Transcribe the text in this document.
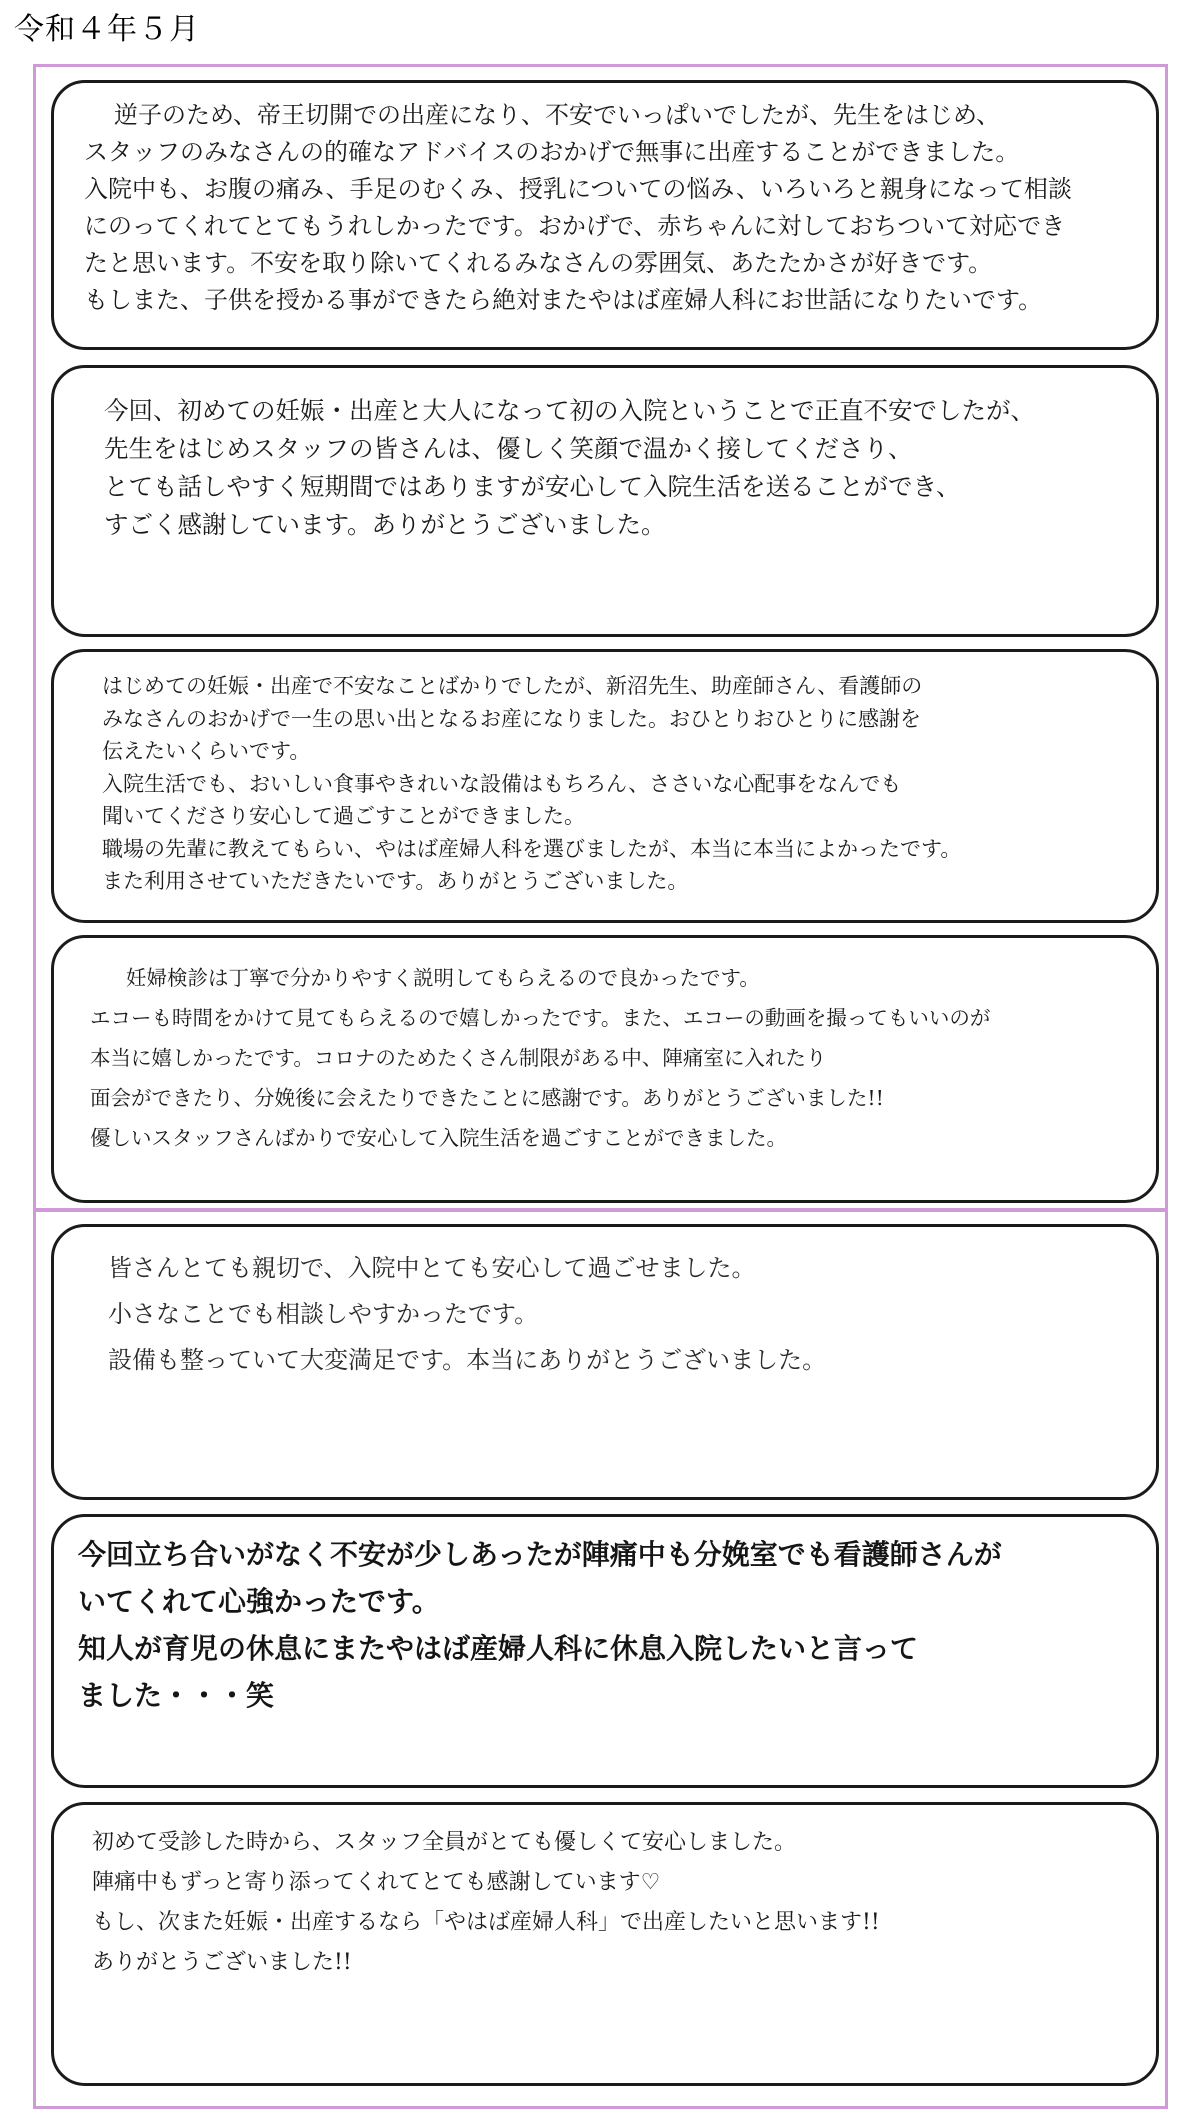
令和４年５月
逆子のため、帝王切開での出産になり、不安でいっぱいでしたが、先生をはじめ、
スタッフのみなさんの的確なアドバイスのおかげで無事に出産することができました。
入院中も、お腹の痛み、手足のむくみ、授乳についての悩み、いろいろと親身になって相談
にのってくれてとてもうれしかったです。おかげで、赤ちゃんに対しておちついて対応でき
たと思います。不安を取り除いてくれるみなさんの雰囲気、あたたかさが好きです。
もしまた、子供を授かる事ができたら絶対またやはば産婦人科にお世話になりたいです。
今回、初めての妊娠・出産と大人になって初の入院ということで正直不安でしたが、
先生をはじめスタッフの皆さんは、優しく笑顔で温かく接してくださり、
とても話しやすく短期間ではありますが安心して入院生活を送ることができ、
すごく感謝しています。ありがとうございました。
はじめての妊娠・出産で不安なことばかりでしたが、新沼先生、助産師さん、看護師の
みなさんのおかげで一生の思い出となるお産になりました。おひとりおひとりに感謝を
伝えたいくらいです。
入院生活でも、おいしい食事やきれいな設備はもちろん、ささいな心配事をなんでも
聞いてくださり安心して過ごすことができました。
職場の先輩に教えてもらい、やはば産婦人科を選びましたが、本当に本当によかったです。
また利用させていただきたいです。ありがとうございました。
妊婦検診は丁寧で分かりやすく説明してもらえるので良かったです。
エコーも時間をかけて見てもらえるので嬉しかったです。また、エコーの動画を撮ってもいいのが
本当に嬉しかったです。コロナのためたくさん制限がある中、陣痛室に入れたり
面会ができたり、分娩後に会えたりできたことに感謝です。ありがとうございました!!
優しいスタッフさんばかりで安心して入院生活を過ごすことができました。
皆さんとても親切で、入院中とても安心して過ごせました。
小さなことでも相談しやすかったです。
設備も整っていて大変満足です。本当にありがとうございました。
今回立ち合いがなく不安が少しあったが陣痛中も分娩室でも看護師さんが
いてくれて心強かったです。
知人が育児の休息にまたやはば産婦人科に休息入院したいと言って
ました・・・笑
初めて受診した時から、スタッフ全員がとても優しくて安心しました。
陣痛中もずっと寄り添ってくれてとても感謝しています♡
もし、次また妊娠・出産するなら「やはば産婦人科」で出産したいと思います!!
ありがとうございました!!
